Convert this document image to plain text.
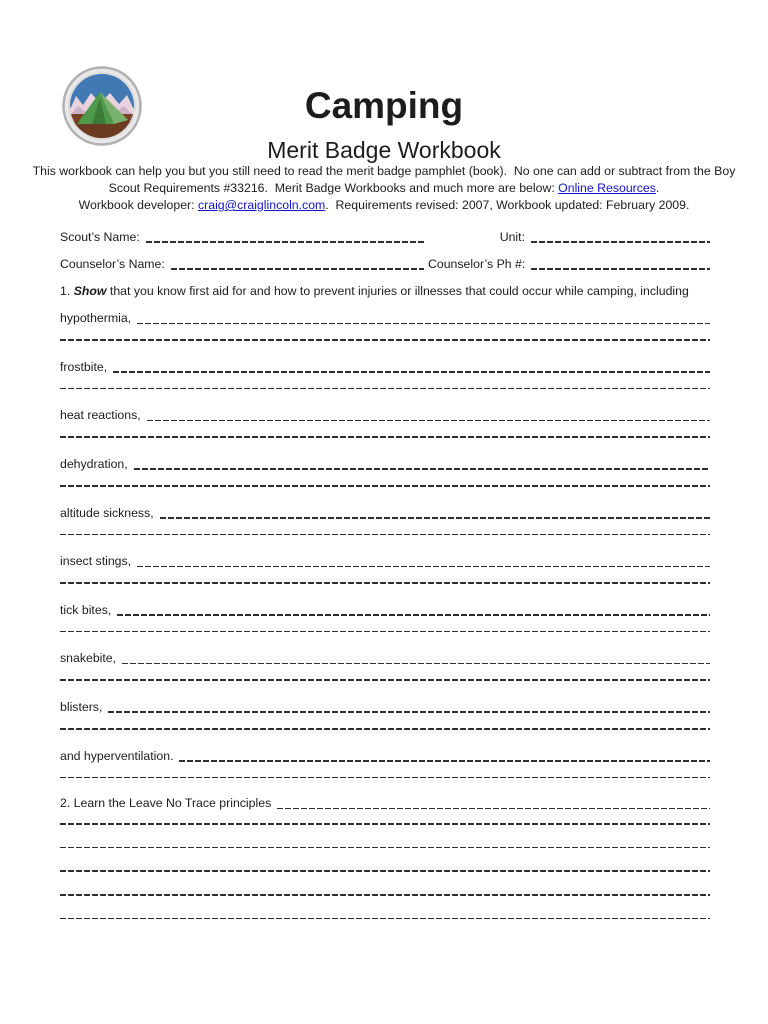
Camping
Merit Badge Workbook

This workbook can help you but you still need to read the merit badge pamphlet (book).  No one can add or subtract from the Boy
Scout Requirements #33216.  Merit Badge Workbooks and much more are below: Online Resources.
Workbook developer: craig@craiglincoln.com.  Requirements revised: 2007, Workbook updated: February 2009.

Scout’s Name:	Unit:
Counselor’s Name:	Counselor’s Ph #:

1. Show that you know first aid for and how to prevent injuries or illnesses that could occur while camping, including

hypothermia,
frostbite,
heat reactions,
dehydration,
altitude sickness,
insect stings,
tick bites,
snakebite,
blisters,
and hyperventilation.
2. Learn the Leave No Trace principles
